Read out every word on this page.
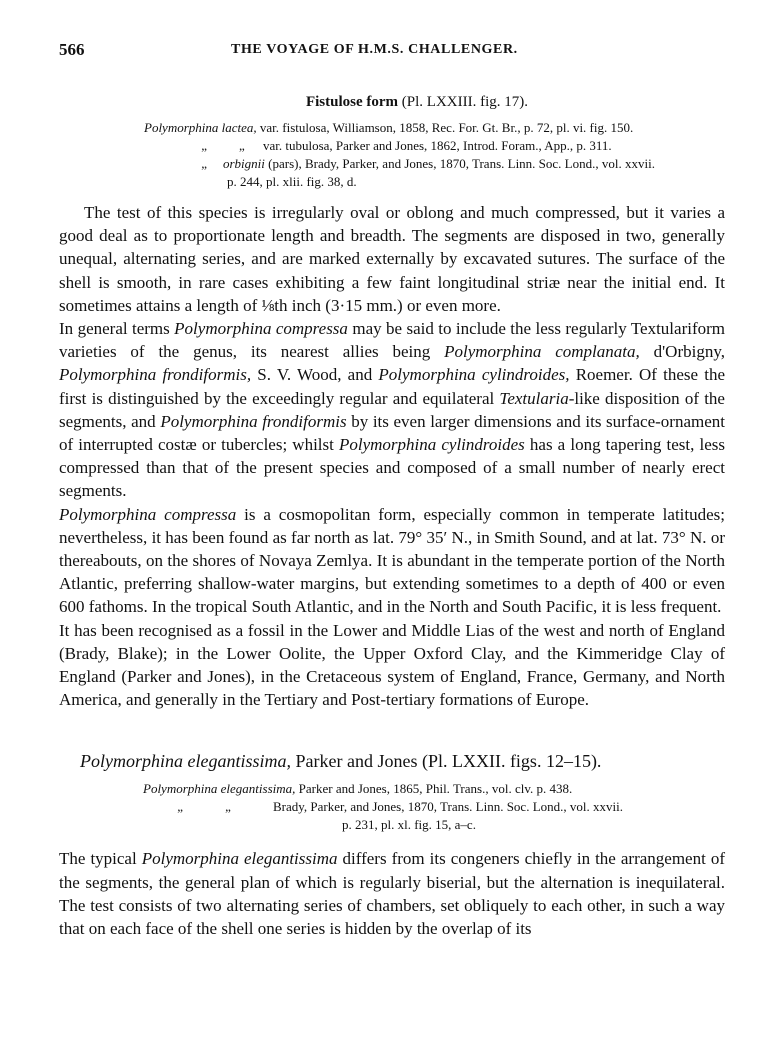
566	THE VOYAGE OF H.M.S. CHALLENGER.
Fistulose form (Pl. LXXIII. fig. 17).
Polymorphina lactea, var. fistulosa, Williamson, 1858, Rec. For. Gt. Br., p. 72, pl. vi. fig. 150.
„	„	var. tubulosa, Parker and Jones, 1862, Introd. Foram., App., p. 311.
„	orbignii (pars), Brady, Parker, and Jones, 1870, Trans. Linn. Soc. Lond., vol. xxvii.
p. 244, pl. xlii. fig. 38, d.

The test of this species is irregularly oval or oblong and much compressed, but it varies a good deal as to proportionate length and breadth. The segments are disposed in two, generally unequal, alternating series, and are marked externally by excavated sutures. The surface of the shell is smooth, in rare cases exhibiting a few faint longitudinal striæ near the initial end. It sometimes attains a length of ⅛th inch (3·15 mm.) or even more.

In general terms Polymorphina compressa may be said to include the less regularly Textulariform varieties of the genus, its nearest allies being Polymorphina complanata, d'Orbigny, Polymorphina frondiformis, S. V. Wood, and Polymorphina cylindroides, Roemer. Of these the first is distinguished by the exceedingly regular and equilateral Textularia-like disposition of the segments, and Polymorphina frondiformis by its even larger dimensions and its surface-ornament of interrupted costæ or tubercles; whilst Polymorphina cylindroides has a long tapering test, less compressed than that of the present species and composed of a small number of nearly erect segments.

Polymorphina compressa is a cosmopolitan form, especially common in temperate latitudes; nevertheless, it has been found as far north as lat. 79° 35′ N., in Smith Sound, and at lat. 73° N. or thereabouts, on the shores of Novaya Zemlya. It is abundant in the temperate portion of the North Atlantic, preferring shallow-water margins, but extending sometimes to a depth of 400 or even 600 fathoms. In the tropical South Atlantic, and in the North and South Pacific, it is less frequent.

It has been recognised as a fossil in the Lower and Middle Lias of the west and north of England (Brady, Blake); in the Lower Oolite, the Upper Oxford Clay, and the Kimmeridge Clay of England (Parker and Jones), in the Cretaceous system of England, France, Germany, and North America, and generally in the Tertiary and Post-tertiary formations of Europe.

Polymorphina elegantissima, Parker and Jones (Pl. LXXII. figs. 12–15).
Polymorphina elegantissima, Parker and Jones, 1865, Phil. Trans., vol. clv. p. 438.
„	„	Brady, Parker, and Jones, 1870, Trans. Linn. Soc. Lond., vol. xxvii.
p. 231, pl. xl. fig. 15, a–c.

The typical Polymorphina elegantissima differs from its congeners chiefly in the arrangement of the segments, the general plan of which is regularly biserial, but the alternation is inequilateral. The test consists of two alternating series of chambers, set obliquely to each other, in such a way that on each face of the shell one series is hidden by the overlap of its
